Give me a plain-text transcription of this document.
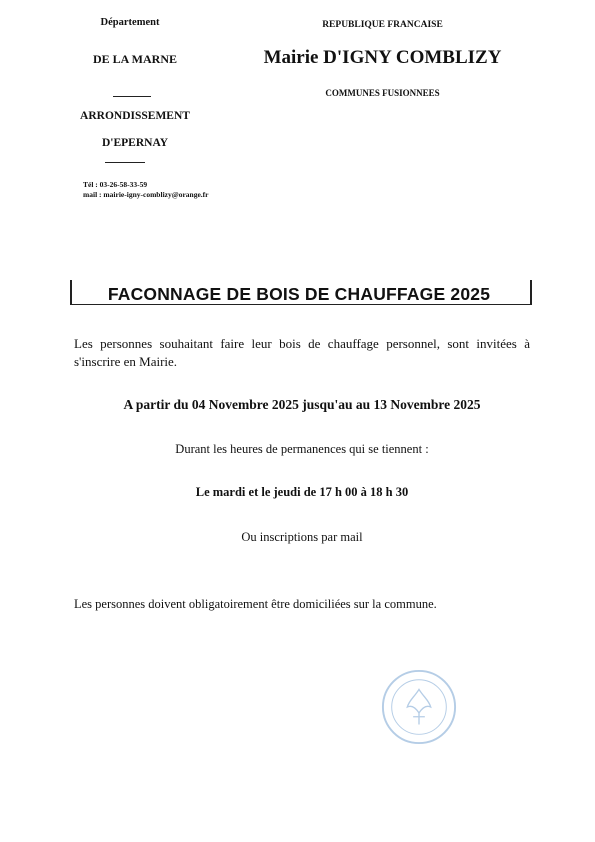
Département
DE LA MARNE
ARRONDISSEMENT
D'EPERNAY
Tél : 03-26-58-33-59
mail : mairie-igny-comblizy@orange.fr
REPUBLIQUE FRANCAISE
Mairie D'IGNY COMBLIZY
COMMUNES FUSIONNEES
FACONNAGE DE BOIS DE CHAUFFAGE 2025
Les personnes souhaitant faire leur bois de chauffage personnel, sont invitées à s'inscrire en Mairie.
A partir du 04 Novembre 2025 jusqu'au au 13 Novembre 2025
Durant les heures de permanences qui se tiennent :
Le mardi et le jeudi de 17 h 00 à 18 h 30
Ou inscriptions par mail
Les personnes doivent obligatoirement être domiciliées sur la commune.
